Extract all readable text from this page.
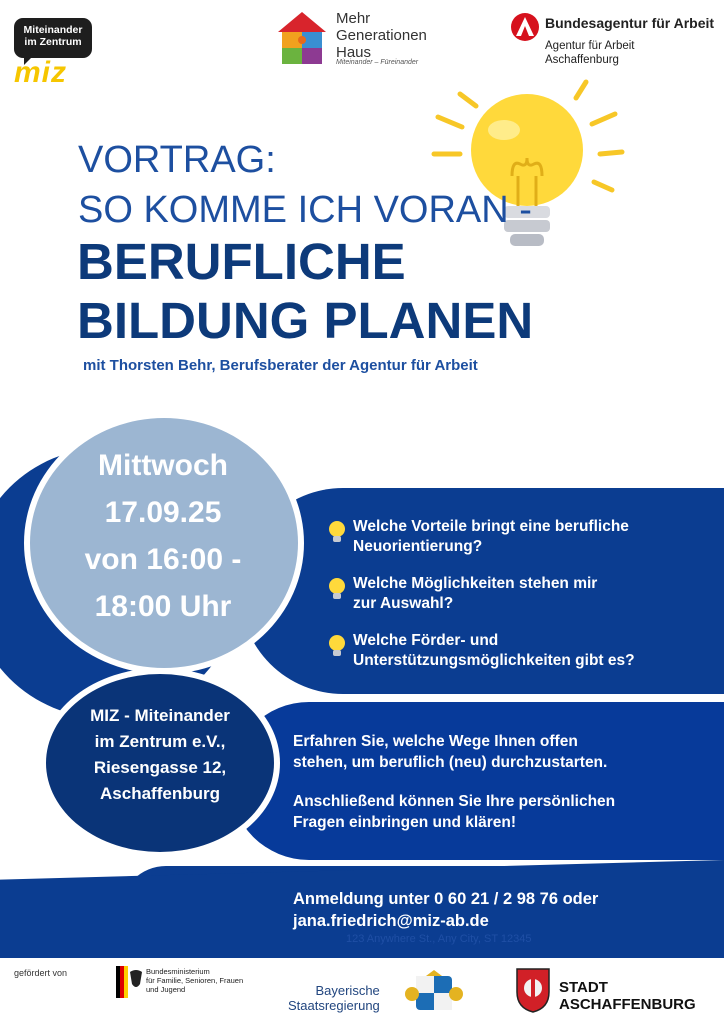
Miteinander im Zentrum
miz
Mehr
Generationen
Haus
Miteinander – Füreinander
Bundesagentur für Arbeit
Agentur für Arbeit
Aschaffenburg
VORTRAG:
SO KOMME ICH VORAN -
BERUFLICHE
BILDUNG PLANEN
mit Thorsten Behr, Berufsberater der Agentur für Arbeit
Mittwoch
17.09.25
von 16:00 -
18:00 Uhr
MIZ - Miteinander
im Zentrum e.V.,
Riesengasse 12,
Aschaffenburg
Welche Vorteile bringt eine berufliche
Neuorientierung?
Welche Möglichkeiten stehen mir
zur Auswahl?
Welche Förder- und
Unterstützungsmöglichkeiten gibt es?
Erfahren Sie, welche Wege Ihnen offen
stehen, um beruflich (neu) durchzustarten.
Anschließend können Sie Ihre persönlichen
Fragen einbringen und klären!
Anmeldung unter 0 60 21 / 2 98 76 oder
jana.friedrich@miz-ab.de
123 Anywhere St., Any City, ST 12345
gefördert von	Bundesministerium
für Familie, Senioren, Frauen
und Jugend	Bayerische
Staatsregierung
STADT
ASCHAFFENBURG
